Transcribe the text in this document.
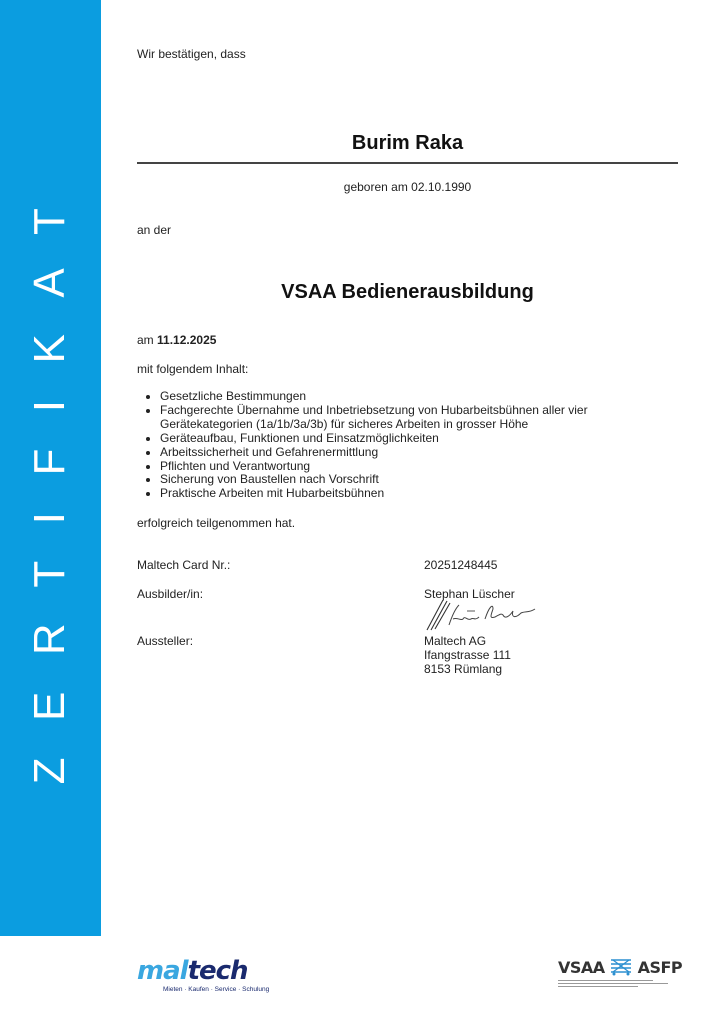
ZERTIFIKAT
Wir bestätigen, dass
Burim Raka
geboren am 02.10.1990
an der
VSAA Bedienerausbildung
am 11.12.2025
mit folgendem Inhalt:
• Gesetzliche Bestimmungen
• Fachgerechte Übernahme und Inbetriebsetzung von Hubarbeitsbühnen aller vier Gerätekategorien (1a/1b/3a/3b) für sicheres Arbeiten in grosser Höhe
• Geräteaufbau, Funktionen und Einsatzmöglichkeiten
• Arbeitssicherheit und Gefahrenermittlung
• Pflichten und Verantwortung
• Sicherung von Baustellen nach Vorschrift
• Praktische Arbeiten mit Hubarbeitsbühnen
erfolgreich teilgenommen hat.
Maltech Card Nr.:	20251248445
Ausbilder/in:	Stephan Lüscher
Aussteller:	Maltech AG
Ifangstrasse 111
8153 Rümlang
maltech
Mieten · Kaufen · Service · Schulung
VSAA ASFP
